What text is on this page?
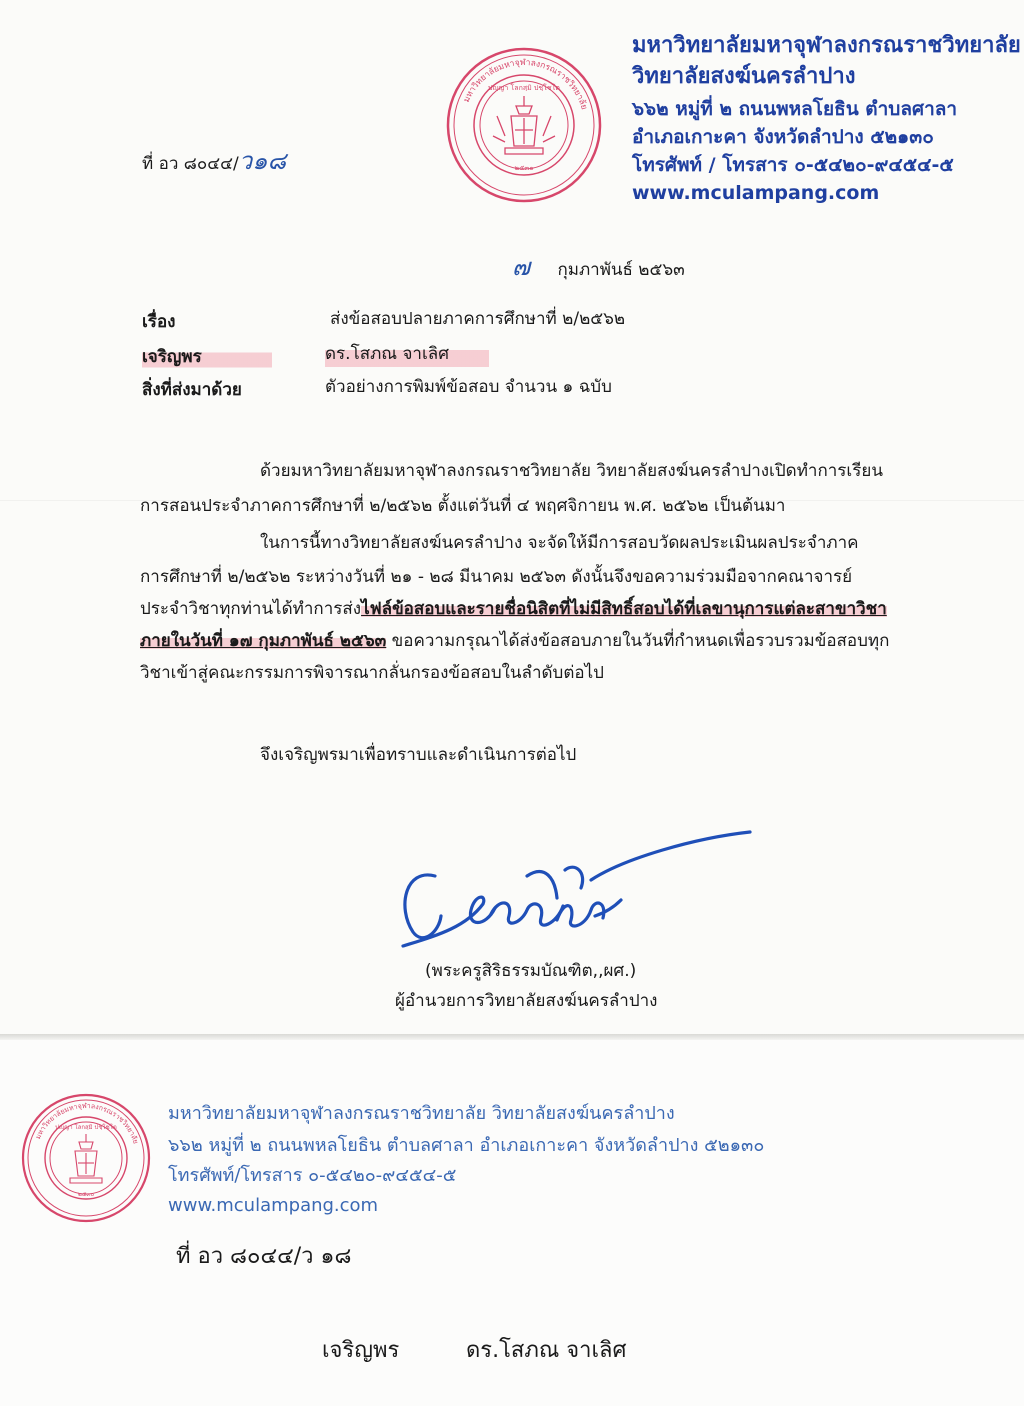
มหาวิทยาลัยมหาจุฬาลงกรณราชวิทยาลัย
ปญฺญา โลกสฺมิ ปชฺโชโต
๒๕๓๐
มหาวิทยาลัยมหาจุฬาลงกรณราชวิทยาลัย
วิทยาลัยสงฆ์นครลำปาง
๖๖๒ หมู่ที่ ๒ ถนนพหลโยธิน ตำบลศาลา
อำเภอเกาะคา จังหวัดลำปาง ๕๒๑๓๐
โทรศัพท์ / โทรสาร ๐-๕๔๒๐-๙๔๕๔-๕
www.mculampang.com
ที่ อว ๘๐๔๔/ว๑๘
๗ กุมภาพันธ์ ๒๕๖๓
เรื่อง	ส่งข้อสอบปลายภาคการศึกษาที่ ๒/๒๕๖๒
เจริญพร	ดร.โสภณ จาเลิศ
สิ่งที่ส่งมาด้วย	ตัวอย่างการพิมพ์ข้อสอบ จำนวน ๑ ฉบับ
ด้วยมหาวิทยาลัยมหาจุฬาลงกรณราชวิทยาลัย วิทยาลัยสงฆ์นครลำปางเปิดทำการเรียน
การสอนประจำภาคการศึกษาที่ ๒/๒๕๖๒ ตั้งแต่วันที่ ๔ พฤศจิกายน พ.ศ. ๒๕๖๒ เป็นต้นมา
ในการนี้ทางวิทยาลัยสงฆ์นครลำปาง จะจัดให้มีการสอบวัดผลประเมินผลประจำภาค
การศึกษาที่ ๒/๒๕๖๒ ระหว่างวันที่ ๒๑ - ๒๘ มีนาคม ๒๕๖๓ ดังนั้นจึงขอความร่วมมือจากคณาจารย์
ประจำวิชาทุกท่านได้ทำการส่งไฟล์ข้อสอบและรายชื่อนิสิตที่ไม่มีสิทธิ์สอบได้ที่เลขานุการแต่ละสาขาวิชา
ภายในวันที่ ๑๗ กุมภาพันธ์ ๒๕๖๓ ขอความกรุณาได้ส่งข้อสอบภายในวันที่กำหนดเพื่อรวบรวมข้อสอบทุก
วิชาเข้าสู่คณะกรรมการพิจารณากลั่นกรองข้อสอบในลำดับต่อไป
จึงเจริญพรมาเพื่อทราบและดำเนินการต่อไป
(พระครูสิริธรรมบัณฑิต,,ผศ.)
ผู้อำนวยการวิทยาลัยสงฆ์นครลำปาง
มหาวิทยาลัยมหาจุฬาลงกรณราชวิทยาลัย
ปญฺญา โลกสฺมิ ปชฺโชโต
๒๕๓๐
มหาวิทยาลัยมหาจุฬาลงกรณราชวิทยาลัย วิทยาลัยสงฆ์นครลำปาง
๖๖๒ หมู่ที่ ๒ ถนนพหลโยธิน ตำบลศาลา อำเภอเกาะคา จังหวัดลำปาง ๕๒๑๓๐
โทรศัพท์/โทรสาร ๐-๕๔๒๐-๙๔๕๔-๕
www.mculampang.com
ที่ อว ๘๐๔๔/ว ๑๘
เจริญพร	ดร.โสภณ จาเลิศ
